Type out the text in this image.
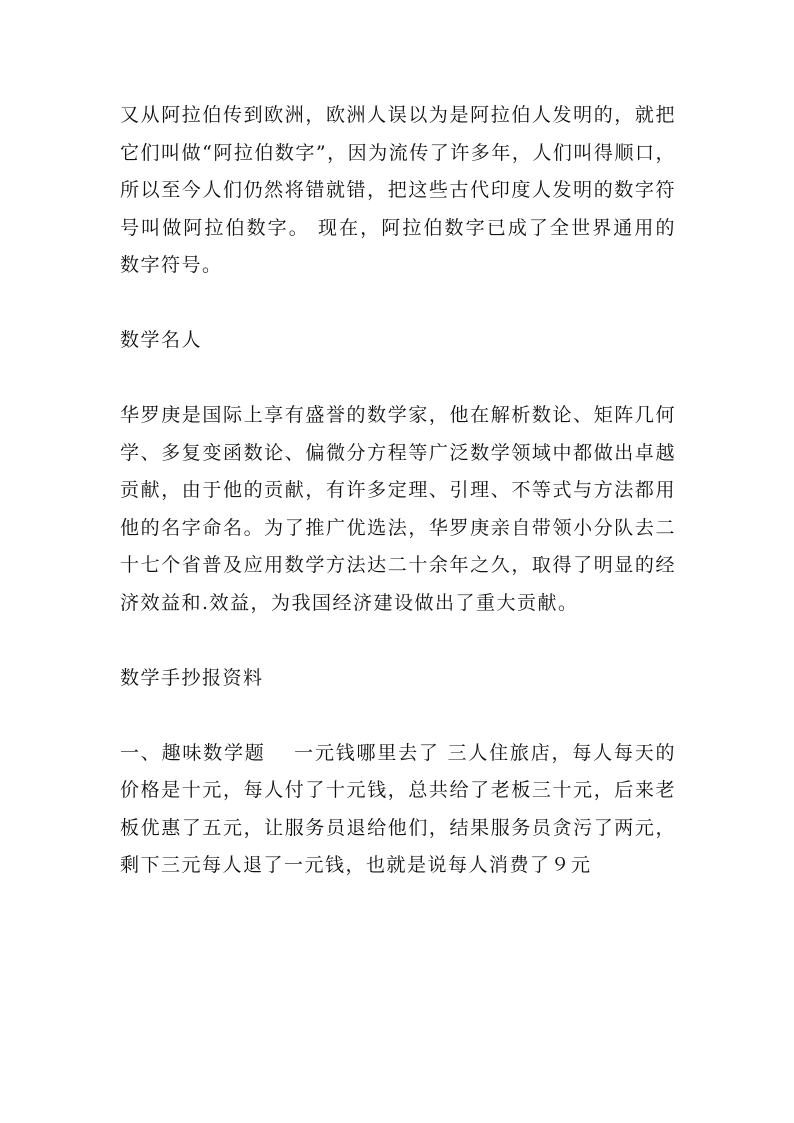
又从阿拉伯传到欧洲，欧洲人误以为是阿拉伯人发明的，就把它们叫做“阿拉伯数字”，因为流传了许多年，人们叫得顺口，所以至今人们仍然将错就错，把这些古代印度人发明的数字符号叫做阿拉伯数字。 现在，阿拉伯数字已成了全世界通用的数字符号。

数学名人

华罗庚是国际上享有盛誉的数学家，他在解析数论、矩阵几何学、多复变函数论、偏微分方程等广泛数学领域中都做出卓越贡献，由于他的贡献，有许多定理、引理、不等式与方法都用他的名字命名。为了推广优选法，华罗庚亲自带领小分队去二十七个省普及应用数学方法达二十余年之久，取得了明显的经济效益和.效益，为我国经济建设做出了重大贡献。

数学手抄报资料

一、趣味数学题　 一元钱哪里去了 三人住旅店，每人每天的价格是十元，每人付了十元钱，总共给了老板三十元，后来老板优惠了五元，让服务员退给他们，结果服务员贪污了两元，剩下三元每人退了一元钱，也就是说每人消费了９元
